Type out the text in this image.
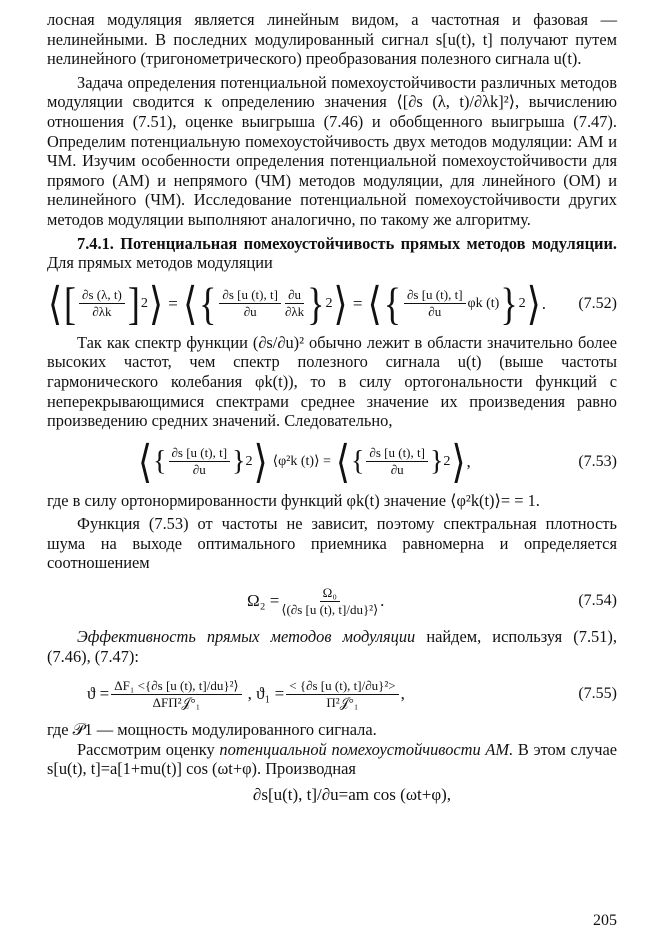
лосная модуляция является линейным видом, а частотная и фазовая — нелинейными. В последних модулированный сигнал s[u(t), t] получают путем нелинейного (тригонометрического) преобразования полезного сигнала u(t).

Задача определения потенциальной помехоустойчивости различных методов модуляции сводится к определению значения ⟨[∂s (λ, t)/∂λk]²⟩, вычислению отношения (7.51), оценке выигрыша (7.46) и обобщенного выигрыша (7.47). Определим потенциальную помехоустойчивость двух методов модуляции: АМ и ЧМ. Изучим особенности определения потенциальной помехоустойчивости для прямого (АМ) и непрямого (ЧМ) методов модуляции, для линейного (ОМ) и нелинейного (ЧМ). Исследование потенциальной помехоустойчивости других методов модуляции выполняют аналогично, по такому же алгоритму.

7.4.1. Потенциальная помехоустойчивость прямых методов модуляции. Для прямых методов модуляции

⟨ [ $\frac{\partial s (\lambda, t)}{\partial\lambda k}$ ] 2 ⟩ = ⟨ { $\frac{\partial s [u (t), t]}{\partial u} \frac{\partial u}{\partial\lambda k}$ } 2 ⟩ = ⟨ { $\frac{\partial s [u (t), t]}{\partial u}$ φk (t) } 2 ⟩ . (7.52)

Так как спектр функции (∂s/∂u)² обычно лежит в области значительно более высоких частот, чем спектр полезного сигнала u(t) (выше частоты гармонического колебания φk(t)), то в силу ортогональности функций с неперекрывающимися спектрами среднее значение их произведения равно произведению средних значений. Следовательно,

⟨ { $\frac{\partial s [u (t), t]}{\partial u}$ } 2 ⟩ ⟨φ²k (t)⟩ = ⟨ { $\frac{\partial s [u (t), t]}{\partial u}$ } 2 ⟩ ,	(7.53)

где в силу ортонормированности функций φk(t) значение ⟨φ²k(t)⟩= = 1.

Функция (7.53) от частоты не зависит, поэтому спектральная плотность шума на выходе оптимального приемника равномерна и определяется соотношением

$\Omega_2 = \frac{\text{Ω₀}}{\text{⟨(∂s [u (t), t]/du\}²⟩}}$ .	(7.54)

Эффективность прямых методов модуляции найдем, используя (7.51), (7.46), (7.47):

$ϑ = \frac{\text{ΔF₁ <\{∂s [u (t), t]/du\}²⟩}}{\text{ΔFΠ²𝒥°₁}}$ , $ϑ_1 = \frac{\text{< \{∂s [u (t), t]/∂u\}²>}}{\text{Π²𝒥°₁}}$ ,	(7.55)

где 𝒫1 — мощность модулированного сигнала.

Рассмотрим оценку потенциальной помехоустойчивости АМ. В этом случае s[u(t), t]=a[1+mu(t)] cos (ωt+φ). Производная

∂s[u(t), t]/∂u=am cos (ωt+φ),
205
